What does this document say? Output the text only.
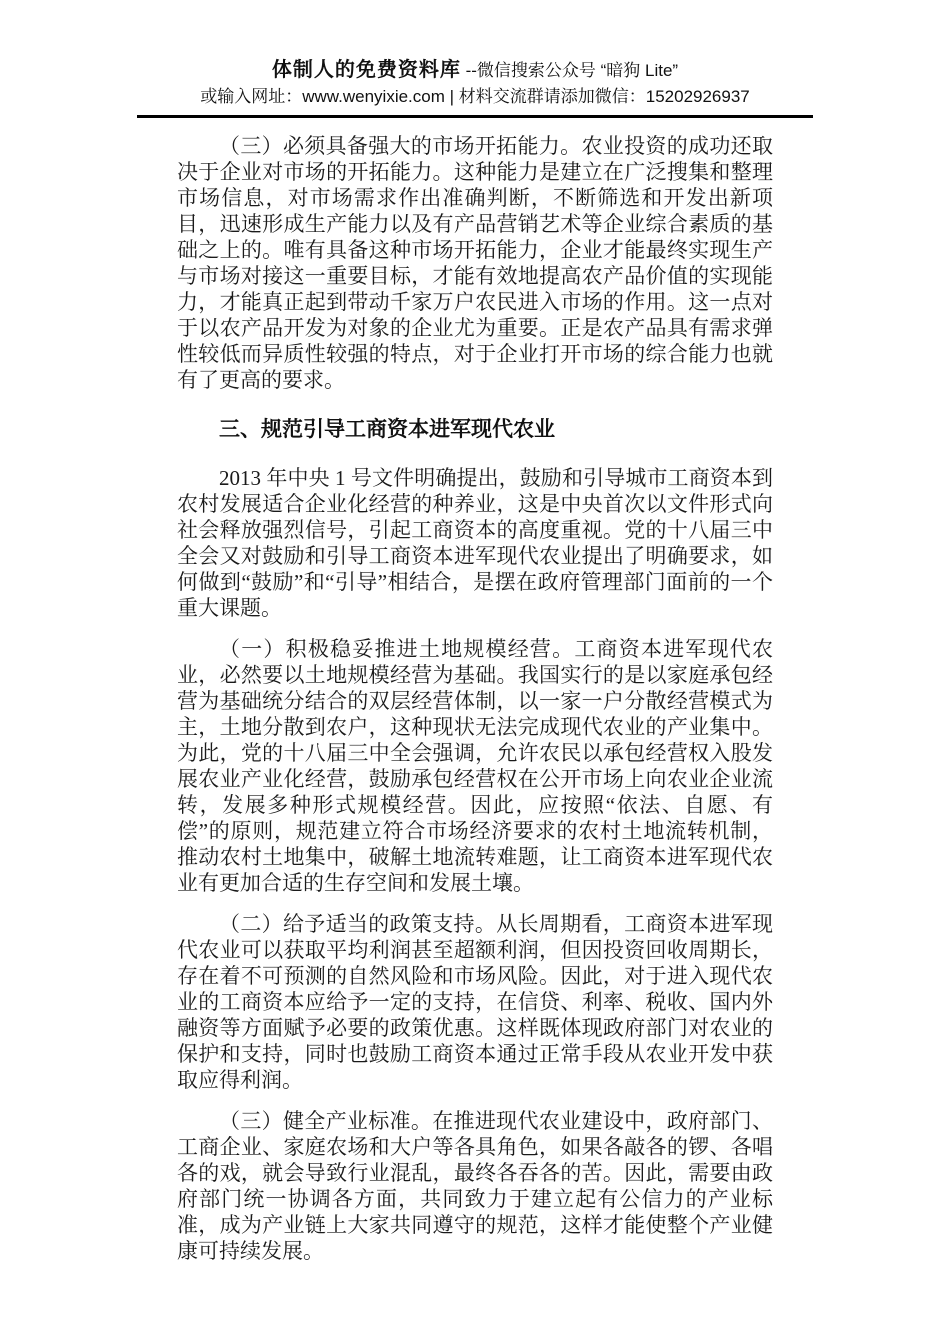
体制人的免费资料库 --微信搜索公众号 “暗狗 Lite”
或输入网址：www.wenyixie.com | 材料交流群请添加微信：15202926937

（三）必须具备强大的市场开拓能力。农业投资的成功还取决于企业对市场的开拓能力。这种能力是建立在广泛搜集和整理市场信息，对市场需求作出准确判断，不断筛选和开发出新项目，迅速形成生产能力以及有产品营销艺术等企业综合素质的基础之上的。唯有具备这种市场开拓能力，企业才能最终实现生产与市场对接这一重要目标，才能有效地提高农产品价值的实现能力，才能真正起到带动千家万户农民进入市场的作用。这一点对于以农产品开发为对象的企业尤为重要。正是农产品具有需求弹性较低而异质性较强的特点，对于企业打开市场的综合能力也就有了更高的要求。

三、规范引导工商资本进军现代农业

2013 年中央 1 号文件明确提出，鼓励和引导城市工商资本到农村发展适合企业化经营的种养业，这是中央首次以文件形式向社会释放强烈信号，引起工商资本的高度重视。党的十八届三中全会又对鼓励和引导工商资本进军现代农业提出了明确要求，如何做到“鼓励”和“引导”相结合，是摆在政府管理部门面前的一个重大课题。

（一）积极稳妥推进土地规模经营。工商资本进军现代农业，必然要以土地规模经营为基础。我国实行的是以家庭承包经营为基础统分结合的双层经营体制，以一家一户分散经营模式为主，土地分散到农户，这种现状无法完成现代农业的产业集中。为此，党的十八届三中全会强调，允许农民以承包经营权入股发展农业产业化经营，鼓励承包经营权在公开市场上向农业企业流转，发展多种形式规模经营。因此，应按照“依法、自愿、有偿”的原则，规范建立符合市场经济要求的农村土地流转机制，推动农村土地集中，破解土地流转难题，让工商资本进军现代农业有更加合适的生存空间和发展土壤。

（二）给予适当的政策支持。从长周期看，工商资本进军现代农业可以获取平均利润甚至超额利润，但因投资回收周期长，存在着不可预测的自然风险和市场风险。因此，对于进入现代农业的工商资本应给予一定的支持，在信贷、利率、税收、国内外融资等方面赋予必要的政策优惠。这样既体现政府部门对农业的保护和支持，同时也鼓励工商资本通过正常手段从农业开发中获取应得利润。

（三）健全产业标准。在推进现代农业建设中，政府部门、工商企业、家庭农场和大户等各具角色，如果各敲各的锣、各唱各的戏，就会导致行业混乱，最终各吞各的苦。因此，需要由政府部门统一协调各方面，共同致力于建立起有公信力的产业标准，成为产业链上大家共同遵守的规范，这样才能使整个产业健康可持续发展。
